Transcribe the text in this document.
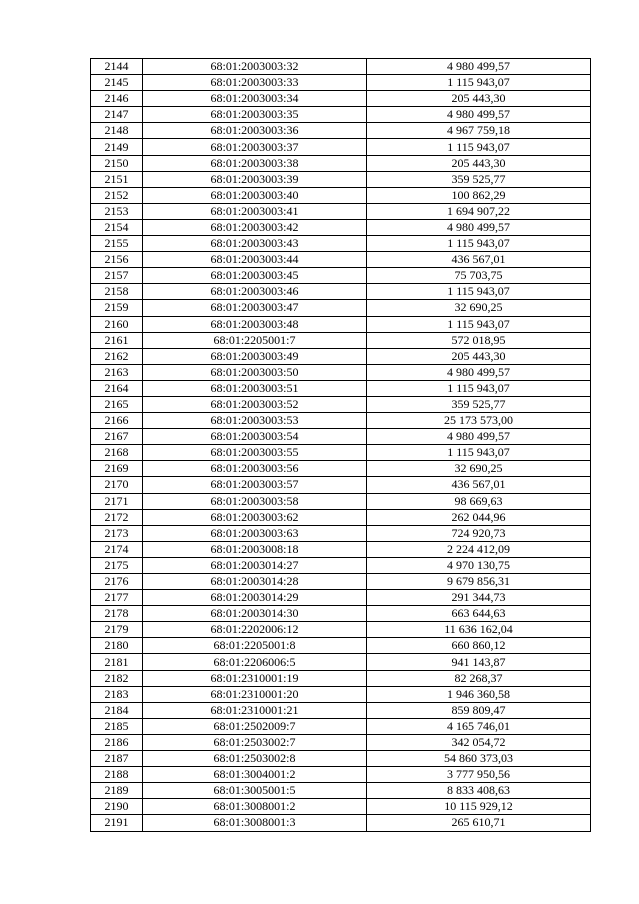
2144	68:01:2003003:32	4 980 499,57
2145	68:01:2003003:33	1 115 943,07
2146	68:01:2003003:34	205 443,30
2147	68:01:2003003:35	4 980 499,57
2148	68:01:2003003:36	4 967 759,18
2149	68:01:2003003:37	1 115 943,07
2150	68:01:2003003:38	205 443,30
2151	68:01:2003003:39	359 525,77
2152	68:01:2003003:40	100 862,29
2153	68:01:2003003:41	1 694 907,22
2154	68:01:2003003:42	4 980 499,57
2155	68:01:2003003:43	1 115 943,07
2156	68:01:2003003:44	436 567,01
2157	68:01:2003003:45	75 703,75
2158	68:01:2003003:46	1 115 943,07
2159	68:01:2003003:47	32 690,25
2160	68:01:2003003:48	1 115 943,07
2161	68:01:2205001:7	572 018,95
2162	68:01:2003003:49	205 443,30
2163	68:01:2003003:50	4 980 499,57
2164	68:01:2003003:51	1 115 943,07
2165	68:01:2003003:52	359 525,77
2166	68:01:2003003:53	25 173 573,00
2167	68:01:2003003:54	4 980 499,57
2168	68:01:2003003:55	1 115 943,07
2169	68:01:2003003:56	32 690,25
2170	68:01:2003003:57	436 567,01
2171	68:01:2003003:58	98 669,63
2172	68:01:2003003:62	262 044,96
2173	68:01:2003003:63	724 920,73
2174	68:01:2003008:18	2 224 412,09
2175	68:01:2003014:27	4 970 130,75
2176	68:01:2003014:28	9 679 856,31
2177	68:01:2003014:29	291 344,73
2178	68:01:2003014:30	663 644,63
2179	68:01:2202006:12	11 636 162,04
2180	68:01:2205001:8	660 860,12
2181	68:01:2206006:5	941 143,87
2182	68:01:2310001:19	82 268,37
2183	68:01:2310001:20	1 946 360,58
2184	68:01:2310001:21	859 809,47
2185	68:01:2502009:7	4 165 746,01
2186	68:01:2503002:7	342 054,72
2187	68:01:2503002:8	54 860 373,03
2188	68:01:3004001:2	3 777 950,56
2189	68:01:3005001:5	8 833 408,63
2190	68:01:3008001:2	10 115 929,12
2191	68:01:3008001:3	265 610,71
